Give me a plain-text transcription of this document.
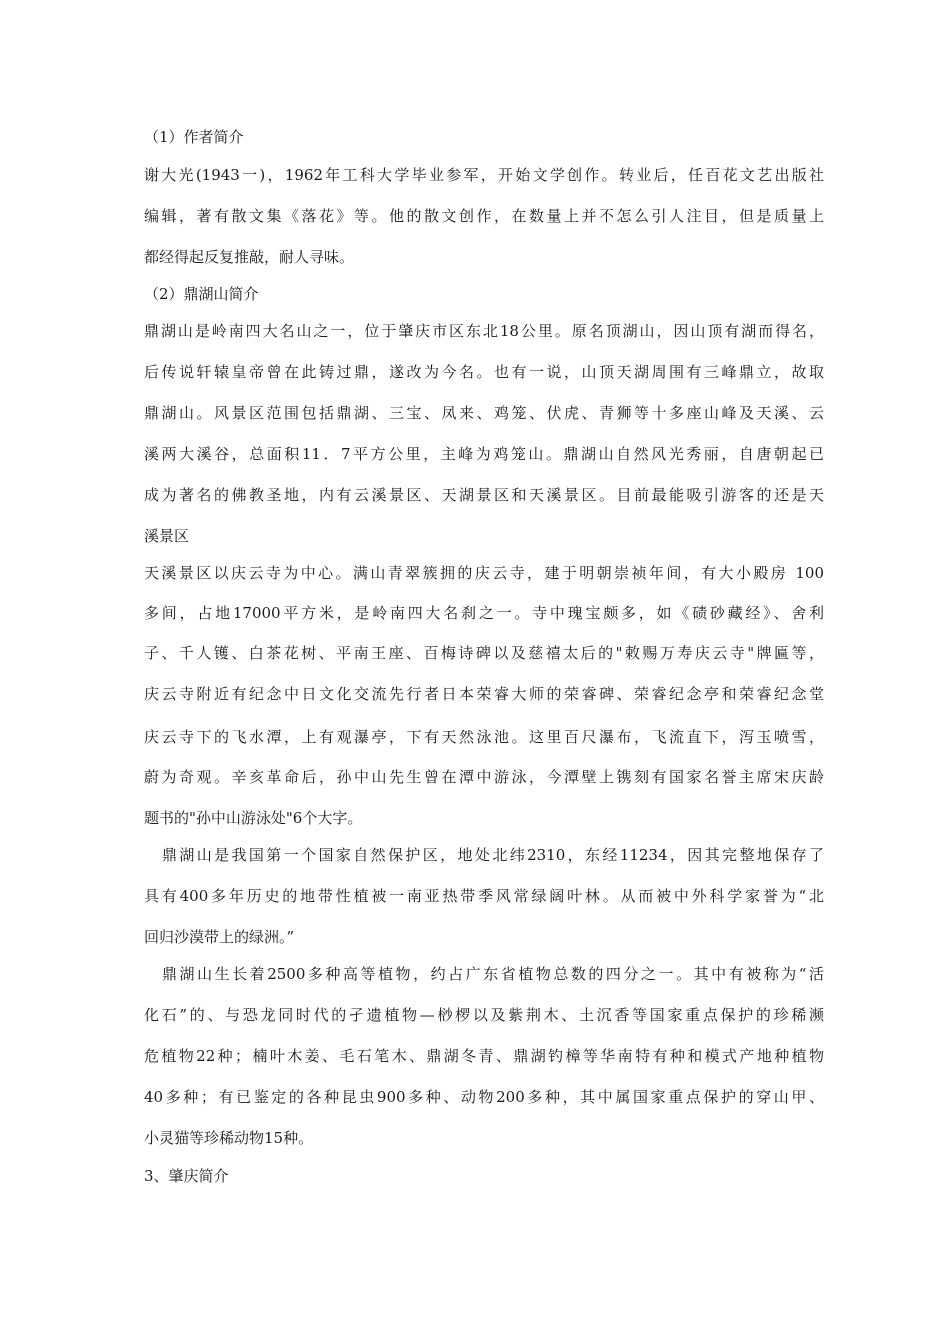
（1）作者简介
谢大光(1943一)，1962年工科大学毕业参军，开始文学创作。转业后，任百花文艺出版社
编辑，著有散文集《落花》等。他的散文创作，在数量上并不怎么引人注目，但是质量上
都经得起反复推敲，耐人寻味。
（2）鼎湖山简介
鼎湖山是岭南四大名山之一，位于肇庆市区东北18公里。原名顶湖山，因山顶有湖而得名，
后传说轩辕皇帝曾在此铸过鼎，遂改为今名。也有一说，山顶天湖周围有三峰鼎立，故取
鼎湖山。风景区范围包括鼎湖、三宝、凤来、鸡笼、伏虎、青狮等十多座山峰及天溪、云
溪两大溪谷，总面积11．7平方公里，主峰为鸡笼山。鼎湖山自然风光秀丽，自唐朝起已
成为著名的佛教圣地，内有云溪景区、天湖景区和天溪景区。目前最能吸引游客的还是天
溪景区
天溪景区以庆云寺为中心。满山青翠簇拥的庆云寺，建于明朝崇祯年间，有大小殿房 100
多间，占地17000平方米，是岭南四大名刹之一。寺中瑰宝颇多，如《碛砂藏经》、舍利
子、千人镬、白茶花树、平南王座、百梅诗碑以及慈禧太后的"敕赐万寿庆云寺"牌匾等，
庆云寺附近有纪念中日文化交流先行者日本荣睿大师的荣睿碑、荣睿纪念亭和荣睿纪念堂
庆云寺下的飞水潭，上有观瀑亭，下有天然泳池。这里百尺瀑布，飞流直下，泻玉喷雪，
蔚为奇观。辛亥革命后，孙中山先生曾在潭中游泳，今潭壁上镌刻有国家名誉主席宋庆龄
题书的"孙中山游泳处"6个大字。
鼎湖山是我国第一个国家自然保护区，地处北纬2310，东经11234，因其完整地保存了
具有400多年历史的地带性植被一南亚热带季风常绿阔叶林。从而被中外科学家誉为“北
回归沙漠带上的绿洲。”
鼎湖山生长着2500多种高等植物，约占广东省植物总数的四分之一。其中有被称为“活
化石”的、与恐龙同时代的孑遗植物—桫椤以及紫荆木、土沉香等国家重点保护的珍稀濒
危植物22种；楠叶木姜、毛石笔木、鼎湖冬青、鼎湖钓樟等华南特有种和模式产地种植物
40多种；有已鉴定的各种昆虫900多种、动物200多种，其中属国家重点保护的穿山甲、
小灵猫等珍稀动物15种。
3、肇庆简介
